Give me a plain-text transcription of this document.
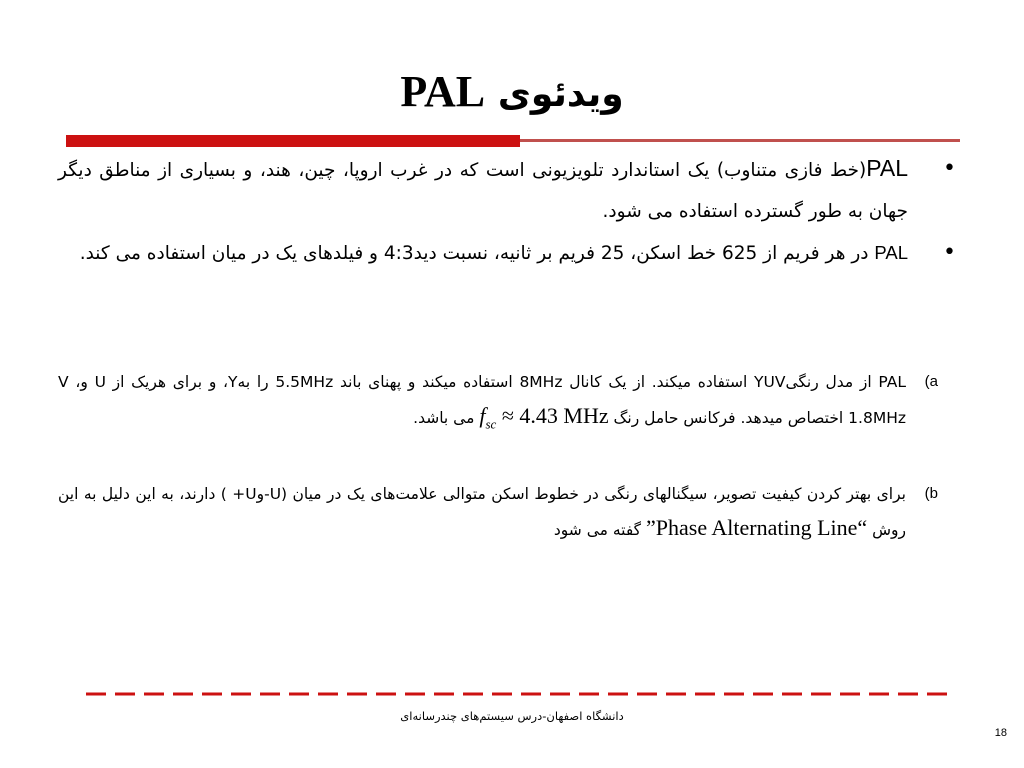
ویدئوی PAL
•
PAL(خط فازی متناوب) یک استاندارد تلویزیونی است که در غرب اروپا، چین، هند، و بسیاری از مناطق دیگر جهان به طور گسترده استفاده می شود.
•
PAL در هر فریم از 625 خط اسکن، 25 فریم بر ثانیه، نسبت دید4:3 و فیلدهای یک در میان استفاده می کند.
(a
PAL از مدل رنگیYUV استفاده میکند. از یک کانال 8MHz استفاده میکند و پهنای باند 5.5MHz را بهY، و برای هریک از U وV ، 1.8MHz اختصاص میدهد. فرکانس حامل رنگ $f_{sc} \approx 4.43$ MHz می باشد.
(b
برای بهتر کردن کیفیت تصویر، سیگنالهای رنگی در خطوط اسکن متوالی علامت‌های یک در میان (U-وU+ ) دارند، به این دلیل به این روش ”Phase Alternating Line“ گفته می شود
دانشگاه اصفهان-درس سیستم‌های چندرسانه‌ای
18
